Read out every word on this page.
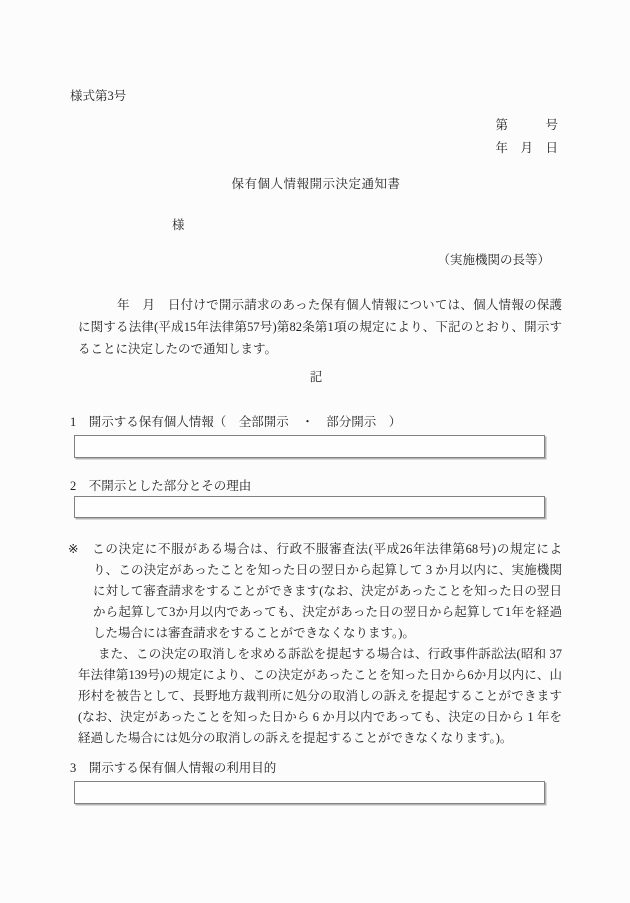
様式第3号
第　　　号
年　月　日
保有個人情報開示決定通知書
様
（実施機関の長等）
年　月　日付けで開示請求のあった保有個人情報については、個人情報の保護に関する法律(平成15年法律第57号)第82条第1項の規定により、下記のとおり、開示することに決定したので通知します。
記
1　開示する保有個人情報（　全部開示　・　部分開示　）
2　不開示とした部分とその理由
※ この決定に不服がある場合は、行政不服審査法(平成26年法律第68号)の規定により、この決定があったことを知った日の翌日から起算して 3 か月以内に、実施機関に対して審査請求をすることができます(なお、決定があったことを知った日の翌日から起算して3か月以内であっても、決定があった日の翌日から起算して1年を経過した場合には審査請求をすることができなくなります。)。
また、この決定の取消しを求める訴訟を提起する場合は、行政事件訴訟法(昭和 37 年法律第139号)の規定により、この決定があったことを知った日から6か月以内に、山形村を被告として、長野地方裁判所に処分の取消しの訴えを提起することができます(なお、決定があったことを知った日から 6 か月以内であっても、決定の日から 1 年を経過した場合には処分の取消しの訴えを提起することができなくなります。)。
3　開示する保有個人情報の利用目的
